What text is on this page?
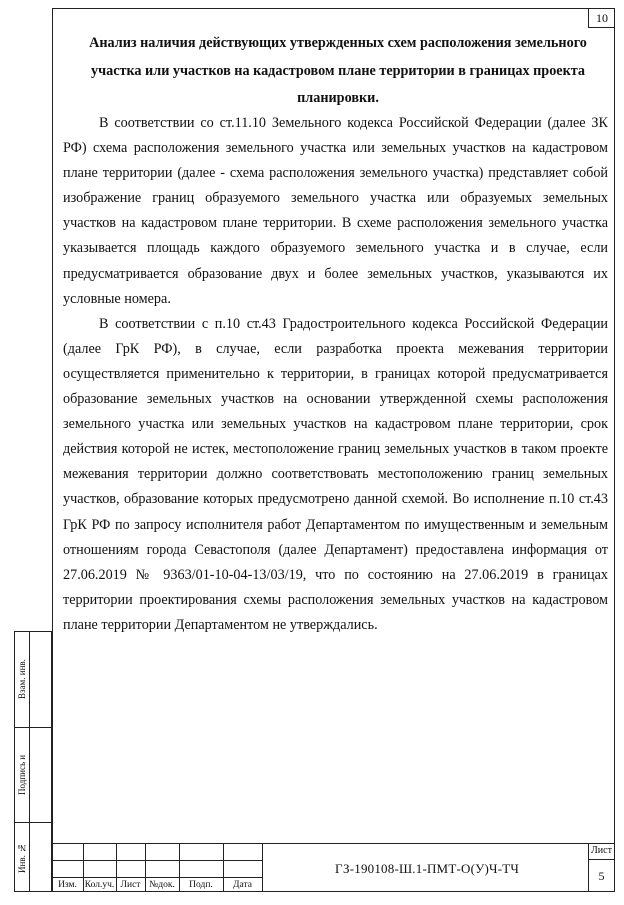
10
Анализ наличия действующих утвержденных схем расположения земельного участка или участков на кадастровом плане территории в границах проекта планировки.

В соответствии со ст.11.10 Земельного кодекса Российской Федерации (далее ЗК РФ) схема расположения земельного участка или земельных участков на кадастровом плане территории (далее - схема расположения земельного участка) представляет собой изображение границ образуемого земельного участка или образуемых земельных участков на кадастровом плане территории. В схеме расположения земельного участка указывается площадь каждого образуемого земельного участка и в случае, если предусматривается образование двух и более земельных участков, указываются их условные номера.

В соответствии с п.10 ст.43 Градостроительного кодекса Российской Федерации (далее ГрК РФ), в случае, если разработка проекта межевания территории осуществляется применительно к территории, в границах которой предусматривается образование земельных участков на основании утвержденной схемы расположения земельного участка или земельных участков на кадастровом плане территории, срок действия которой не истек, местоположение границ земельных участков в таком проекте межевания территории должно соответствовать местоположению границ земельных участков, образование которых предусмотрено данной схемой. Во исполнение п.10 ст.43 ГрК РФ по запросу исполнителя работ Департаментом по имущественным и земельным отношениям города Севастополя (далее Департамент) предоставлена информация от 27.06.2019 № 9363/01-10-04-13/03/19, что по состоянию на 27.06.2019 в границах территории проектирования схемы расположения земельных участков на кадастровом плане территории Департаментом не утверждались.

Взам. инв.
Подпись и
Инв. №
Изм. Кол.уч. Лист №док.	Подп.	Дата
ГЗ-190108-Ш.1-ПМТ-О(У)Ч-ТЧ
Лист
5
